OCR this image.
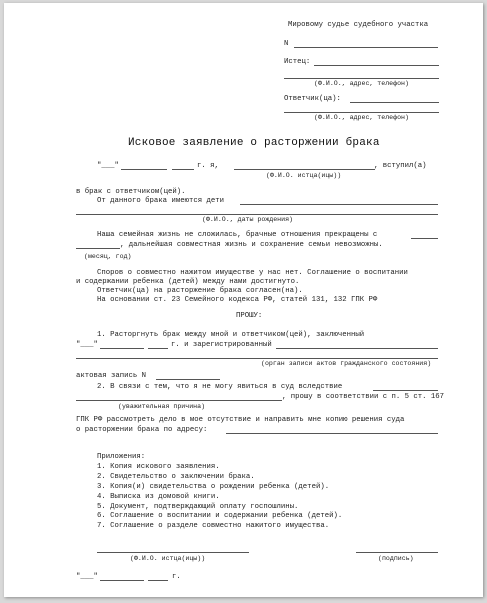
Мировому судье судебного участка
N
Истец:
(Ф.И.О., адрес, телефон)
Ответчик(ца):
(Ф.И.О., адрес, телефон)
Исковое заявление о расторжении брака
"___"	г. я,	, вступил(а)
(Ф.И.О. истца(ицы))
в брак с ответчиком(цей).
От данного брака имеются дети
(Ф.И.О., даты рождения)
Наша семейная жизнь не сложилась, брачные отношения прекращены с
, дальнейшая совместная жизнь и сохранение семьи невозможны.
(месяц, год)
Споров о совместно нажитом имуществе у нас нет. Соглашение о воспитании
и содержании ребенка (детей) между нами достигнуто.
Ответчик(ца) на расторжение брака согласен(на).
На основании ст. 23 Семейного кодекса РФ, статей 131, 132 ГПК РФ
ПРОШУ:
1. Расторгнуть брак между мной и ответчиком(цей), заключенный
"___"	г. и зарегистрированный
(орган записи актов гражданского состояния)
актовая запись N
2. В связи с тем, что я не могу явиться в суд вследствие
, прошу в соответствии с п. 5 ст. 167
(уважительная причина)
ГПК РФ рассмотреть дело в мое отсутствие и направить мне копию решения суда
о расторжении брака по адресу:
Приложения:
1. Копия искового заявления.
2. Свидетельство о заключении брака.
3. Копия(и) свидетельства о рождении ребенка (детей).
4. Выписка из домовой книги.
5. Документ, подтверждающий оплату госпошлины.
6. Соглашение о воспитании и содержании ребенка (детей).
7. Соглашение о разделе совместно нажитого имущества.
(Ф.И.О. истца(ицы))	(подпись)
"___"	г.
